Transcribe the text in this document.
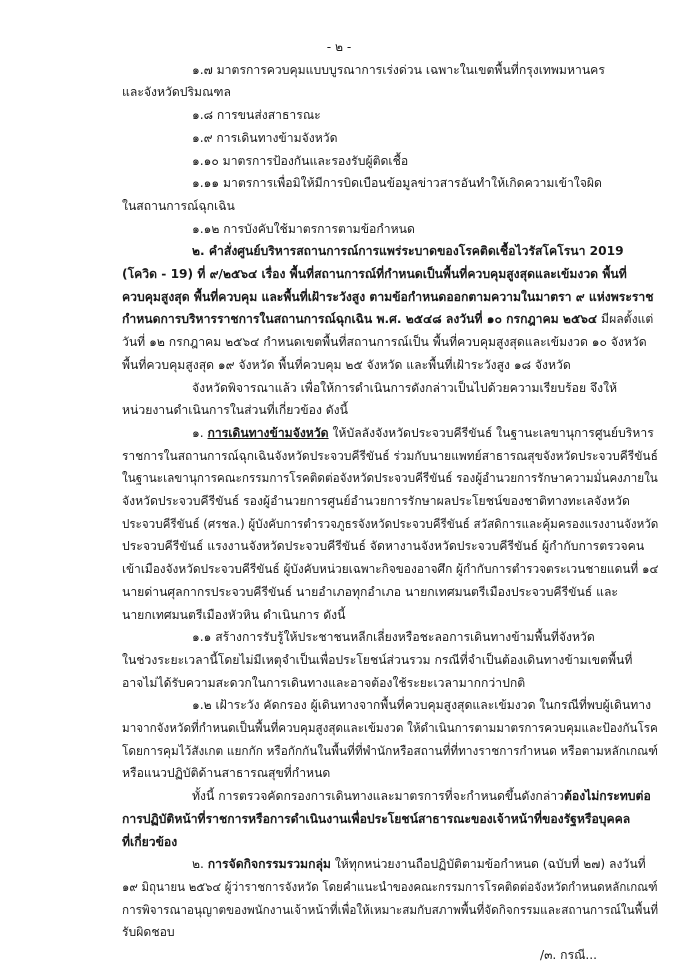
- ๒ -
๑.๗ มาตรการควบคุมแบบบูรณาการเร่งด่วน เฉพาะในเขตพื้นที่กรุงเทพมหานคร
และจังหวัดปริมณฑล
๑.๘ การขนส่งสาธารณะ
๑.๙ การเดินทางข้ามจังหวัด
๑.๑๐ มาตรการป้องกันและรองรับผู้ติดเชื้อ
๑.๑๑ มาตรการเพื่อมิให้มีการบิดเบือนข้อมูลข่าวสารอันทำให้เกิดความเข้าใจผิด
ในสถานการณ์ฉุกเฉิน
๑.๑๒ การบังคับใช้มาตรการตามข้อกำหนด
๒. คำสั่งศูนย์บริหารสถานการณ์การแพร่ระบาดของโรคติดเชื้อไวรัสโคโรนา 2019
(โควิด - 19) ที่ ๙/๒๕๖๔ เรื่อง พื้นที่สถานการณ์ที่กำหนดเป็นพื้นที่ควบคุมสูงสุดและเข้มงวด พื้นที่
ควบคุมสูงสุด พื้นที่ควบคุม และพื้นที่เฝ้าระวังสูง ตามข้อกำหนดออกตามความในมาตรา ๙ แห่งพระราช
กำหนดการบริหารราชการในสถานการณ์ฉุกเฉิน พ.ศ. ๒๕๔๘ ลงวันที่ ๑๐ กรกฎาคม ๒๕๖๔ มีผลตั้งแต่
วันที่ ๑๒ กรกฎาคม ๒๕๖๔ กำหนดเขตพื้นที่สถานการณ์เป็น พื้นที่ควบคุมสูงสุดและเข้มงวด ๑๐ จังหวัด
พื้นที่ควบคุมสูงสุด ๑๙ จังหวัด พื้นที่ควบคุม ๒๕ จังหวัด และพื้นที่เฝ้าระวังสูง ๑๘ จังหวัด
จังหวัดพิจารณาแล้ว เพื่อให้การดำเนินการดังกล่าวเป็นไปด้วยความเรียบร้อย จึงให้
หน่วยงานดำเนินการในส่วนที่เกี่ยวข้อง ดังนี้
๑. การเดินทางข้ามจังหวัด ให้บัลลังจังหวัดประจวบคีรีขันธ์ ในฐานะเลขานุการศูนย์บริหาร
ราชการในสถานการณ์ฉุกเฉินจังหวัดประจวบคีรีขันธ์ ร่วมกับนายแพทย์สาธารณสุขจังหวัดประจวบคีรีขันธ์
ในฐานะเลขานุการคณะกรรมการโรคติดต่อจังหวัดประจวบคีรีขันธ์ รองผู้อำนวยการรักษาความมั่นคงภายใน
จังหวัดประจวบคีรีขันธ์ รองผู้อำนวยการศูนย์อำนวยการรักษาผลประโยชน์ของชาติทางทะเลจังหวัด
ประจวบคีรีขันธ์ (ศรชล.) ผู้บังคับการตำรวจภูธรจังหวัดประจวบคีรีขันธ์ สวัสดิการและคุ้มครองแรงงานจังหวัด
ประจวบคีรีขันธ์ แรงงานจังหวัดประจวบคีรีขันธ์ จัดหางานจังหวัดประจวบคีรีขันธ์ ผู้กำกับการตรวจคน
เข้าเมืองจังหวัดประจวบคีรีขันธ์ ผู้บังคับหน่วยเฉพาะกิจของอาจศึก ผู้กำกับการตำรวจตระเวนชายแดนที่ ๑๔
นายด่านศุลกากรประจวบคีรีขันธ์ นายอำเภอทุกอำเภอ นายกเทศมนตรีเมืองประจวบคีรีขันธ์ และ
นายกเทศมนตรีเมืองหัวหิน ดำเนินการ ดังนี้
๑.๑ สร้างการรับรู้ให้ประชาชนหลีกเลี่ยงหรือชะลอการเดินทางข้ามพื้นที่จังหวัด
ในช่วงระยะเวลานี้โดยไม่มีเหตุจำเป็นเพื่อประโยชน์ส่วนรวม กรณีที่จำเป็นต้องเดินทางข้ามเขตพื้นที่
อาจไม่ได้รับความสะดวกในการเดินทางและอาจต้องใช้ระยะเวลามากกว่าปกติ
๑.๒ เฝ้าระวัง คัดกรอง ผู้เดินทางจากพื้นที่ควบคุมสูงสุดและเข้มงวด ในกรณีที่พบผู้เดินทาง
มาจากจังหวัดที่กำหนดเป็นพื้นที่ควบคุมสูงสุดและเข้มงวด ให้ดำเนินการตามมาตรการควบคุมและป้องกันโรค
โดยการคุมไว้สังเกต แยกกัก หรือกักกันในพื้นที่ที่พำนักหรือสถานที่ที่ทางราชการกำหนด หรือตามหลักเกณฑ์
หรือแนวปฏิบัติด้านสาธารณสุขที่กำหนด
ทั้งนี้ การตรวจคัดกรองการเดินทางและมาตรการที่จะกำหนดขึ้นดังกล่าวต้องไม่กระทบต่อ
การปฏิบัติหน้าที่ราชการหรือการดำเนินงานเพื่อประโยชน์สาธารณะของเจ้าหน้าที่ของรัฐหรือบุคคล
ที่เกี่ยวข้อง
๒. การจัดกิจกรรมรวมกลุ่ม ให้ทุกหน่วยงานถือปฏิบัติตามข้อกำหนด (ฉบับที่ ๒๗) ลงวันที่
๑๙ มิถุนายน ๒๕๖๔ ผู้ว่าราชการจังหวัด โดยคำแนะนำของคณะกรรมการโรคติดต่อจังหวัดกำหนดหลักเกณฑ์
การพิจารณาอนุญาตของพนักงานเจ้าหน้าที่เพื่อให้เหมาะสมกับสภาพพื้นที่จัดกิจกรรมและสถานการณ์ในพื้นที่
รับผิดชอบ
/๓. กรณี...
